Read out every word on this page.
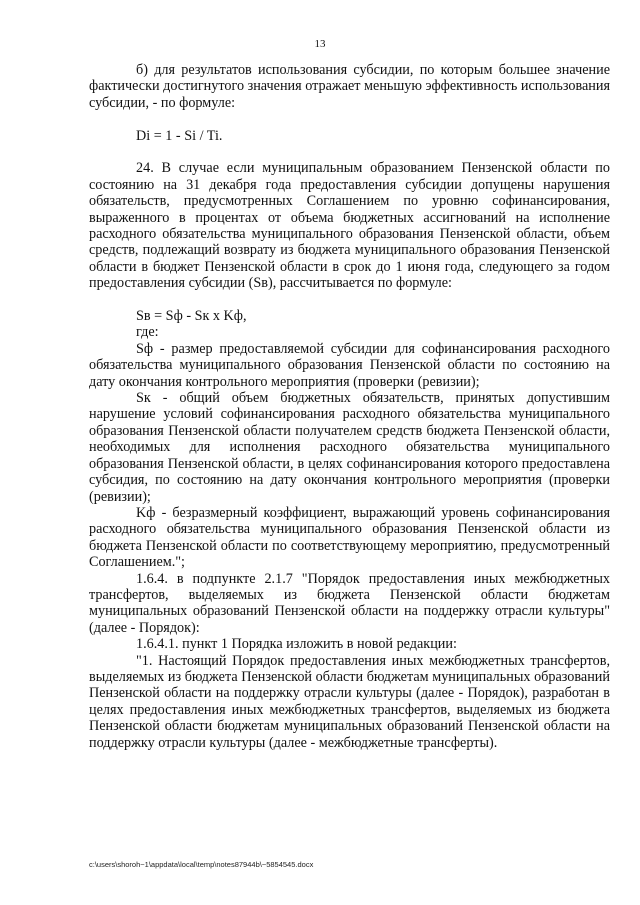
13

б) для результатов использования субсидии, по которым большее значение фактически достигнутого значения отражает меньшую эффективность использования субсидии, - по формуле:

Di = 1 - Si / Ti.

24. В случае если муниципальным образованием Пензенской области по состоянию на 31 декабря года предоставления субсидии допущены нарушения обязательств, предусмотренных Соглашением по уровню софинансирования, выраженного в процентах от объема бюджетных ассигнований на исполнение расходного обязательства муниципального образования Пензенской области, объем средств, подлежащий возврату из бюджета муниципального образования Пензенской области в бюджет Пензенской области в срок до 1 июня года, следующего за годом предоставления субсидии (Sв), рассчитывается по формуле:

Sв = Sф - Sк x Kф,

где:

Sф - размер предоставляемой субсидии для софинансирования расходного обязательства муниципального образования Пензенской области по состоянию на дату окончания контрольного мероприятия (проверки (ревизии);

Sк - общий объем бюджетных обязательств, принятых допустившим нарушение условий софинансирования расходного обязательства муниципального образования Пензенской области получателем средств бюджета Пензенской области, необходимых для исполнения расходного обязательства муниципального образования Пензенской области, в целях софинансирования которого предоставлена субсидия, по состоянию на дату окончания контрольного мероприятия (проверки (ревизии);

Kф - безразмерный коэффициент, выражающий уровень софинансирования расходного обязательства муниципального образования Пензенской области из бюджета Пензенской области по соответствующему мероприятию, предусмотренный Соглашением.";

1.6.4. в подпункте 2.1.7 "Порядок предоставления иных межбюджетных трансфертов, выделяемых из бюджета Пензенской области бюджетам муниципальных образований Пензенской области на поддержку отрасли культуры" (далее - Порядок):

1.6.4.1. пункт 1 Порядка изложить в новой редакции:

"1. Настоящий Порядок предоставления иных межбюджетных трансфертов, выделяемых из бюджета Пензенской области бюджетам муниципальных образований Пензенской области на поддержку отрасли культуры (далее - Порядок), разработан в целях предоставления иных межбюджетных трансфертов, выделяемых из бюджета Пензенской области бюджетам муниципальных образований Пензенской области на поддержку отрасли культуры (далее - межбюджетные трансферты).

c:\users\shoroh~1\appdata\local\temp\notes87944b\~5854545.docx
